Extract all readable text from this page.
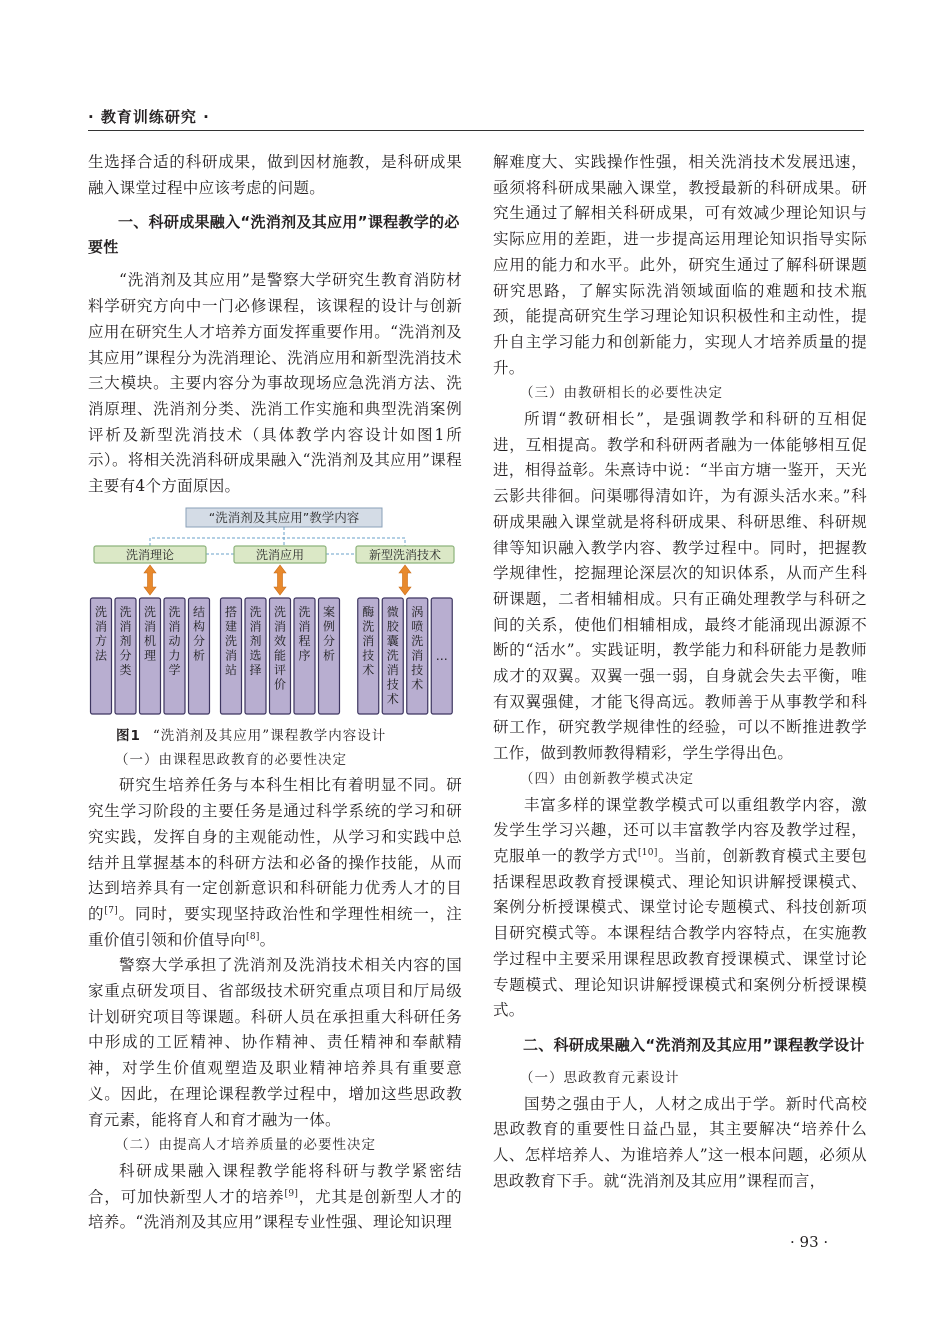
· 教育训练研究 ·

生选择合适的科研成果，做到因材施教，是科研成果融入课堂过程中应该考虑的问题。

一、科研成果融入“洗消剂及其应用”课程教学的必要性

“洗消剂及其应用”是警察大学研究生教育消防材料学研究方向中一门必修课程，该课程的设计与创新应用在研究生人才培养方面发挥重要作用。“洗消剂及其应用”课程分为洗消理论、洗消应用和新型洗消技术三大模块。主要内容分为事故现场应急洗消方法、洗消原理、洗消剂分类、洗消工作实施和典型洗消案例评析及新型洗消技术（具体教学内容设计如图1所示）。将相关洗消科研成果融入“洗消剂及其应用”课程主要有4个方面原因。

“洗消剂及其应用”教学内容
洗消理论
洗消方法
洗消剂分类
洗消机理
洗消动力学
结构分析
洗消应用
搭建洗消站
洗消剂选择
洗消效能评价
洗消程序
案例分析
新型洗消技术
酶洗消技术
微胶囊洗消技术
涡喷洗消技术
…
图1 “洗消剂及其应用”课程教学内容设计
（一）由课程思政教育的必要性决定

研究生培养任务与本科生相比有着明显不同。研究生学习阶段的主要任务是通过科学系统的学习和研究实践，发挥自身的主观能动性，从学习和实践中总结并且掌握基本的科研方法和必备的操作技能，从而达到培养具有一定创新意识和科研能力优秀人才的目的[7]。同时，要实现坚持政治性和学理性相统一，注重价值引领和价值导向[8]。

警察大学承担了洗消剂及洗消技术相关内容的国家重点研发项目、省部级技术研究重点项目和厅局级计划研究项目等课题。科研人员在承担重大科研任务中形成的工匠精神、协作精神、责任精神和奉献精神，对学生价值观塑造及职业精神培养具有重要意义。因此，在理论课程教学过程中，增加这些思政教育元素，能将育人和育才融为一体。

（二）由提高人才培养质量的必要性决定

科研成果融入课程教学能将科研与教学紧密结合，可加快新型人才的培养[9]，尤其是创新型人才的培养。“洗消剂及其应用”课程专业性强、理论知识理

解难度大、实践操作性强，相关洗消技术发展迅速，亟须将科研成果融入课堂，教授最新的科研成果。研究生通过了解相关科研成果，可有效减少理论知识与实际应用的差距，进一步提高运用理论知识指导实际应用的能力和水平。此外，研究生通过了解科研课题研究思路，了解实际洗消领域面临的难题和技术瓶颈，能提高研究生学习理论知识积极性和主动性，提升自主学习能力和创新能力，实现人才培养质量的提升。

（三）由教研相长的必要性决定

所谓“教研相长”，是强调教学和科研的互相促进，互相提高。教学和科研两者融为一体能够相互促进，相得益彰。朱熹诗中说：“半亩方塘一鉴开，天光云影共徘徊。问渠哪得清如许，为有源头活水来。”科研成果融入课堂就是将科研成果、科研思维、科研规律等知识融入教学内容、教学过程中。同时，把握教学规律性，挖掘理论深层次的知识体系，从而产生科研课题，二者相辅相成。只有正确处理教学与科研之间的关系，使他们相辅相成，最终才能涌现出源源不断的“活水”。实践证明，教学能力和科研能力是教师成才的双翼。双翼一强一弱，自身就会失去平衡，唯有双翼强健，才能飞得高远。教师善于从事教学和科研工作，研究教学规律性的经验，可以不断推进教学工作，做到教师教得精彩，学生学得出色。

（四）由创新教学模式决定

丰富多样的课堂教学模式可以重组教学内容，激发学生学习兴趣，还可以丰富教学内容及教学过程，克服单一的教学方式[10]。当前，创新教育模式主要包括课程思政教育授课模式、理论知识讲解授课模式、案例分析授课模式、课堂讨论专题模式、科技创新项目研究模式等。本课程结合教学内容特点，在实施教学过程中主要采用课程思政教育授课模式、课堂讨论专题模式、理论知识讲解授课模式和案例分析授课模式。

二、科研成果融入“洗消剂及其应用”课程教学设计
（一）思政教育元素设计

国势之强由于人，人材之成出于学。新时代高校思政教育的重要性日益凸显，其主要解决“培养什么人、怎样培养人、为谁培养人”这一根本问题，必须从思政教育下手。就“洗消剂及其应用”课程而言，

· 93 ·
